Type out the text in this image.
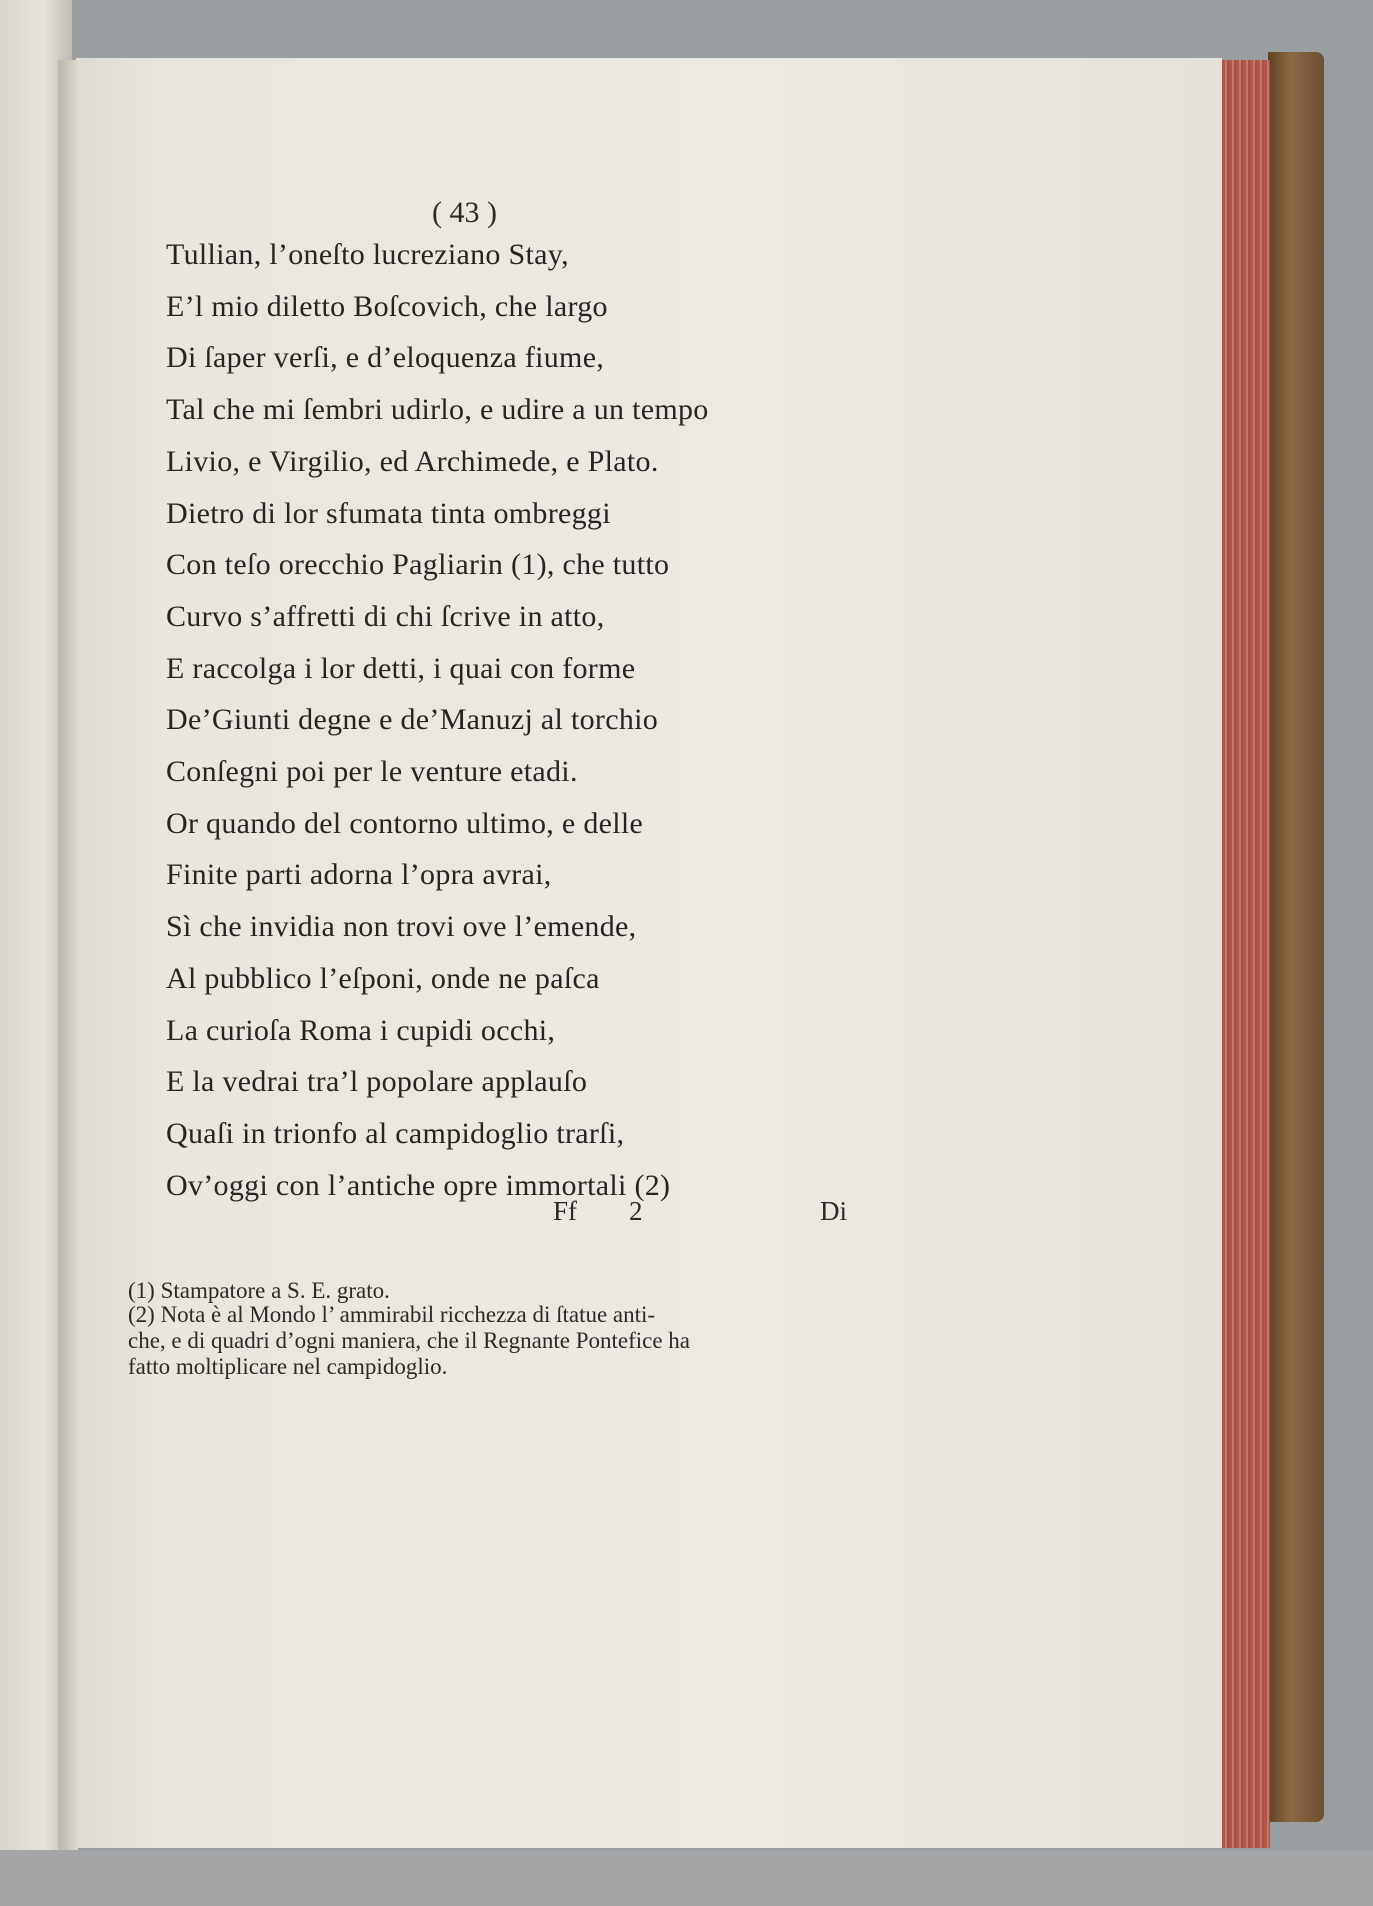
( 43 )
Tullian, l’oneſto lucreziano Stay,
E’l mio diletto Boſcovich, che largo
Di ſaper verſi, e d’eloquenza fiume,
Tal che mi ſembri udirlo, e udire a un tempo
Livio, e Virgilio, ed Archimede, e Plato.
Dietro di lor sfumata tinta ombreggi
Con teſo orecchio Pagliarin (1), che tutto
Curvo s’affretti di chi ſcrive in atto,
E raccolga i lor detti, i quai con forme
De’Giunti degne e de’Manuzj al torchio
Conſegni poi per le venture etadi.
Or quando del contorno ultimo, e delle
Finite parti adorna l’opra avrai,
Sì che invidia non trovi ove l’emende,
Al pubblico l’eſponi, onde ne paſca
La curioſa Roma i cupidi occhi,
E la vedrai tra’l popolare applauſo
Quaſi in trionfo al campidoglio trarſi,
Ov’oggi con l’antiche opre immortali (2)
Ff 2	Di
(1) Stampatore a S. E. grato.
(2) Nota è al Mondo l’ ammirabil ricchezza di ſtatue anti-
che, e di quadri d’ogni maniera, che il Regnante Pontefice ha
fatto moltiplicare nel campidoglio.
